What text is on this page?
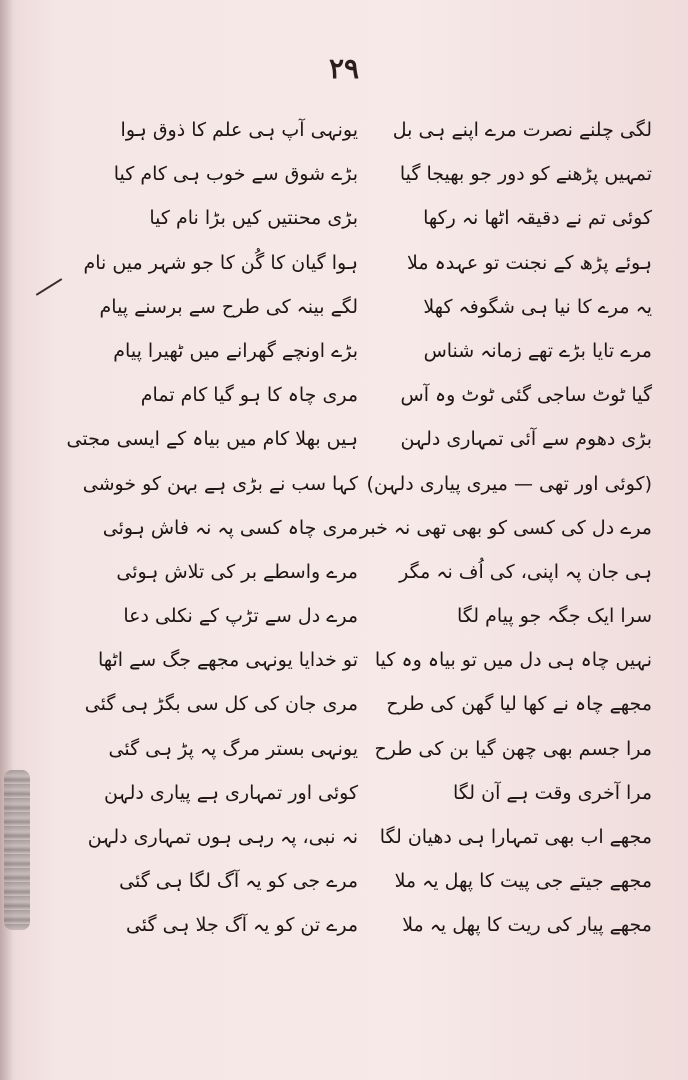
۲۹
لگی چلنے نصرت مرے اپنے ہی بل
تمہیں پڑھنے کو دور جو بھیجا گیا
کوئی تم نے دقیقہ اٹھا نہ رکھا
ہوئے پڑھ کے نجنت تو عہدہ ملا
یہ مرے کا نیا ہی شگوفہ کھلا
مرے تایا بڑے تھے زمانہ شناس
گیا ٹوٹ ساجی گئی ٹوٹ وہ آس
بڑی دھوم سے آئی تمہاری دلہن
(کوئی اور تھی — میری پیاری دلہن)
مرے دل کی کسی کو بھی تھی نہ خبر
ہی جان پہ اپنی، کی اُف نہ مگر
سرا ایک جگہ جو پیام لگا
نہیں چاہ ہی دل میں تو بیاہ وہ کیا
مجھے چاہ نے کھا لیا گھن کی طرح
مرا جسم بھی چھن گیا بن کی طرح
مرا آخری وقت ہے آن لگا
مجھے اب بھی تمہارا ہی دھیان لگا
مجھے جیتے جی پیت کا پھل یہ ملا
مجھے پیار کی ریت کا پھل یہ ملا
یونہی آپ ہی علم کا ذوق ہوا
بڑے شوق سے خوب ہی کام کیا
بڑی محنتیں کیں بڑا نام کیا
ہوا گیان کا گُن کا جو شہر میں نام
لگے بینہ کی طرح سے برسنے پیام
بڑے اونچے گھرانے میں ٹھیرا پیام
مری چاہ کا ہو گیا کام تمام
ہیں بھلا کام میں بیاہ کے ایسی مجتی
کہا سب نے بڑی ہے بہن کو خوشی
مری چاہ کسی پہ نہ فاش ہوئی
مرے واسطے بر کی تلاش ہوئی
مرے دل سے تڑپ کے نکلی دعا
تو خدایا یونہی مجھے جگ سے اٹھا
مری جان کی کل سی بگڑ ہی گئی
یونہی بستر مرگ پہ پڑ ہی گئی
کوئی اور تمہاری ہے پیاری دلہن
نہ نبی، پہ رہی ہوں تمہاری دلہن
مرے جی کو یہ آگ لگا ہی گئی
مرے تن کو یہ آگ جلا ہی گئی
